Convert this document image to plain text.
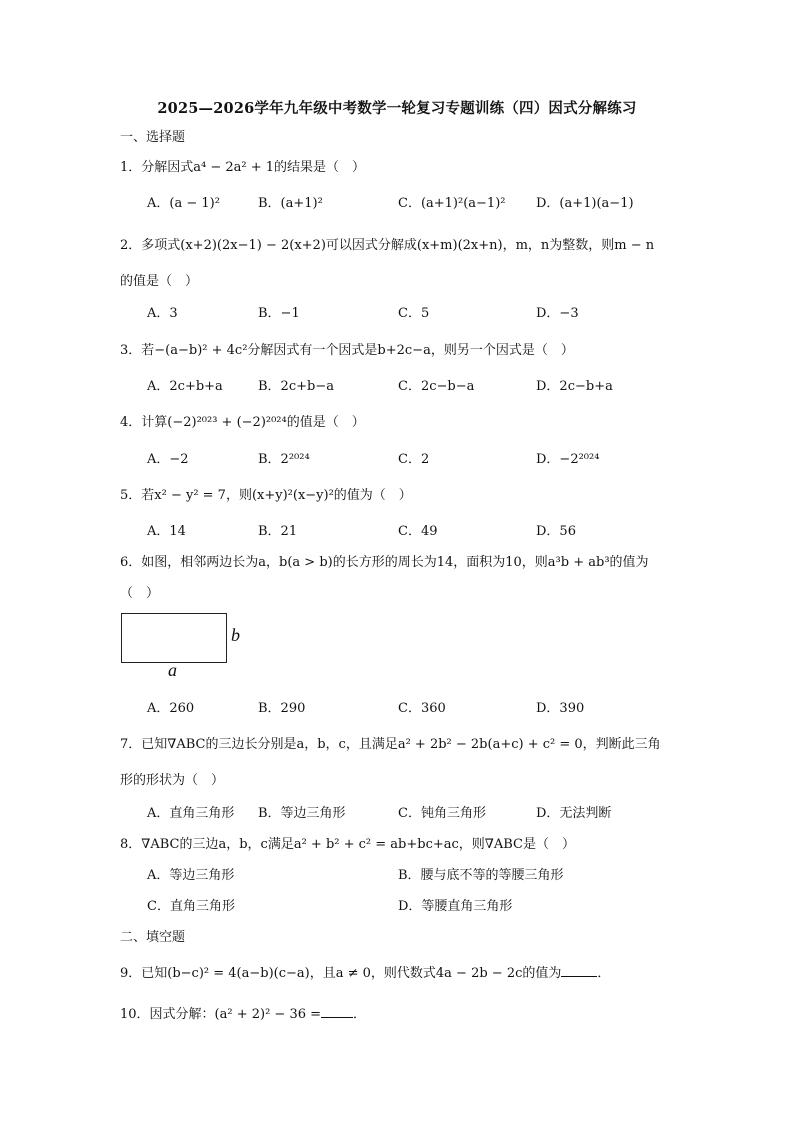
2025—2026学年九年级中考数学一轮复习专题训练（四）因式分解练习
一、选择题
1．分解因式a⁴ − 2a² + 1的结果是（　）
A．(a − 1)²	B．(a+1)²	C．(a+1)²(a−1)² D．(a+1)(a−1)
2．多项式(x+2)(2x−1) − 2(x+2)可以因式分解成(x+m)(2x+n)，m，n为整数，则m − n
的值是（　）
A．3	B．−1	C．5	D．−3
3．若−(a−b)² + 4c²分解因式有一个因式是b+2c−a，则另一个因式是（　）
A．2c+b+a	B．2c+b−a	C．2c−b−a	D．2c−b+a
4．计算(−2)²⁰²³ + (−2)²⁰²⁴的值是（　）
A．−2	B．2²⁰²⁴	C．2	D．−2²⁰²⁴
5．若x² − y² = 7，则(x+y)²(x−y)²的值为（　）
A．14	B．21	C．49	D．56
6．如图，相邻两边长为a，b(a > b)的长方形的周长为14，面积为10，则a³b + ab³的值为
（　）
b
a
A．260	B．290	C．360	D．390
7．已知∇ABC的三边长分别是a，b，c，且满足a² + 2b² − 2b(a+c) + c² = 0，判断此三角
形的形状为（　）
A．直角三角形 B．等边三角形	C．钝角三角形	D．无法判断
8．∇ABC的三边a，b，c满足a² + b² + c² = ab+bc+ac，则∇ABC是（　）
A．等边三角形	B．腰与底不等的等腰三角形
C．直角三角形	D．等腰直角三角形
二、填空题
9．已知(b−c)² = 4(a−b)(c−a)，且a ≠ 0，则代数式4a − 2b − 2c的值为	．
10．因式分解：(a² + 2)² − 36 = ．
